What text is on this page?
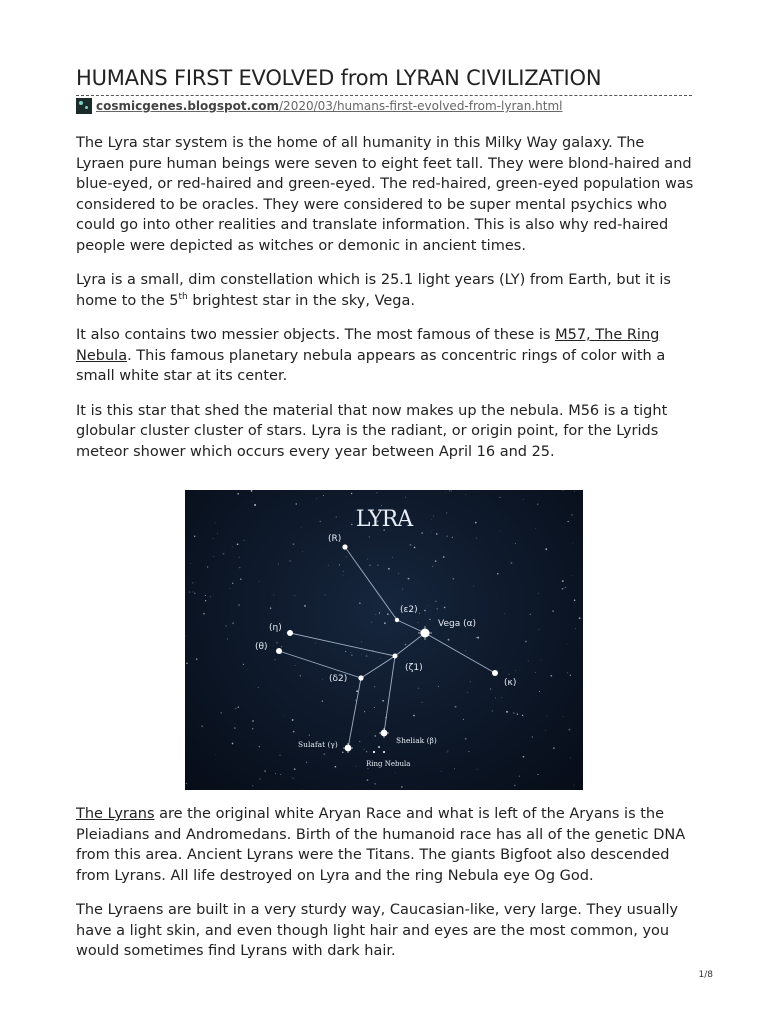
HUMANS FIRST EVOLVED from LYRAN CIVILIZATION
cosmicgenes.blogspot.com/2020/03/humans-first-evolved-from-lyran.html

The Lyra star system is the home of all humanity in this Milky Way galaxy. The Lyraen pure human beings were seven to eight feet tall. They were blond-haired and blue-eyed, or red-haired and green-eyed. The red-haired, green-eyed population was considered to be oracles. They were considered to be super mental psychics who could go into other realities and translate information. This is also why red-haired people were depicted as witches or demonic in ancient times.

Lyra is a small, dim constellation which is 25.1 light years (LY) from Earth, but it is home to the 5th brightest star in the sky, Vega.

It also contains two messier objects. The most famous of these is M57, The Ring Nebula. This famous planetary nebula appears as concentric rings of color with a small white star at its center.

It is this star that shed the material that now makes up the nebula. M56 is a tight globular cluster cluster of stars. Lyra is the radiant, or origin point, for the Lyrids meteor shower which occurs every year between April 16 and 25.

LYRA
(R)
(ε2)
Vega (α)
(η)
(θ)
(ζ1)
(δ2)	(κ)
Sulafat (γ)	Sheliak (β)
Ring Nebula

The Lyrans are the original white Aryan Race and what is left of the Aryans is the Pleiadians and Andromedans. Birth of the humanoid race has all of the genetic DNA from this area. Ancient Lyrans were the Titans. The giants Bigfoot also descended from Lyrans. All life destroyed on Lyra and the ring Nebula eye Og God.

The Lyraens are built in a very sturdy way, Caucasian-like, very large. They usually have a light skin, and even though light hair and eyes are the most common, you would sometimes find Lyrans with dark hair.

1/8
